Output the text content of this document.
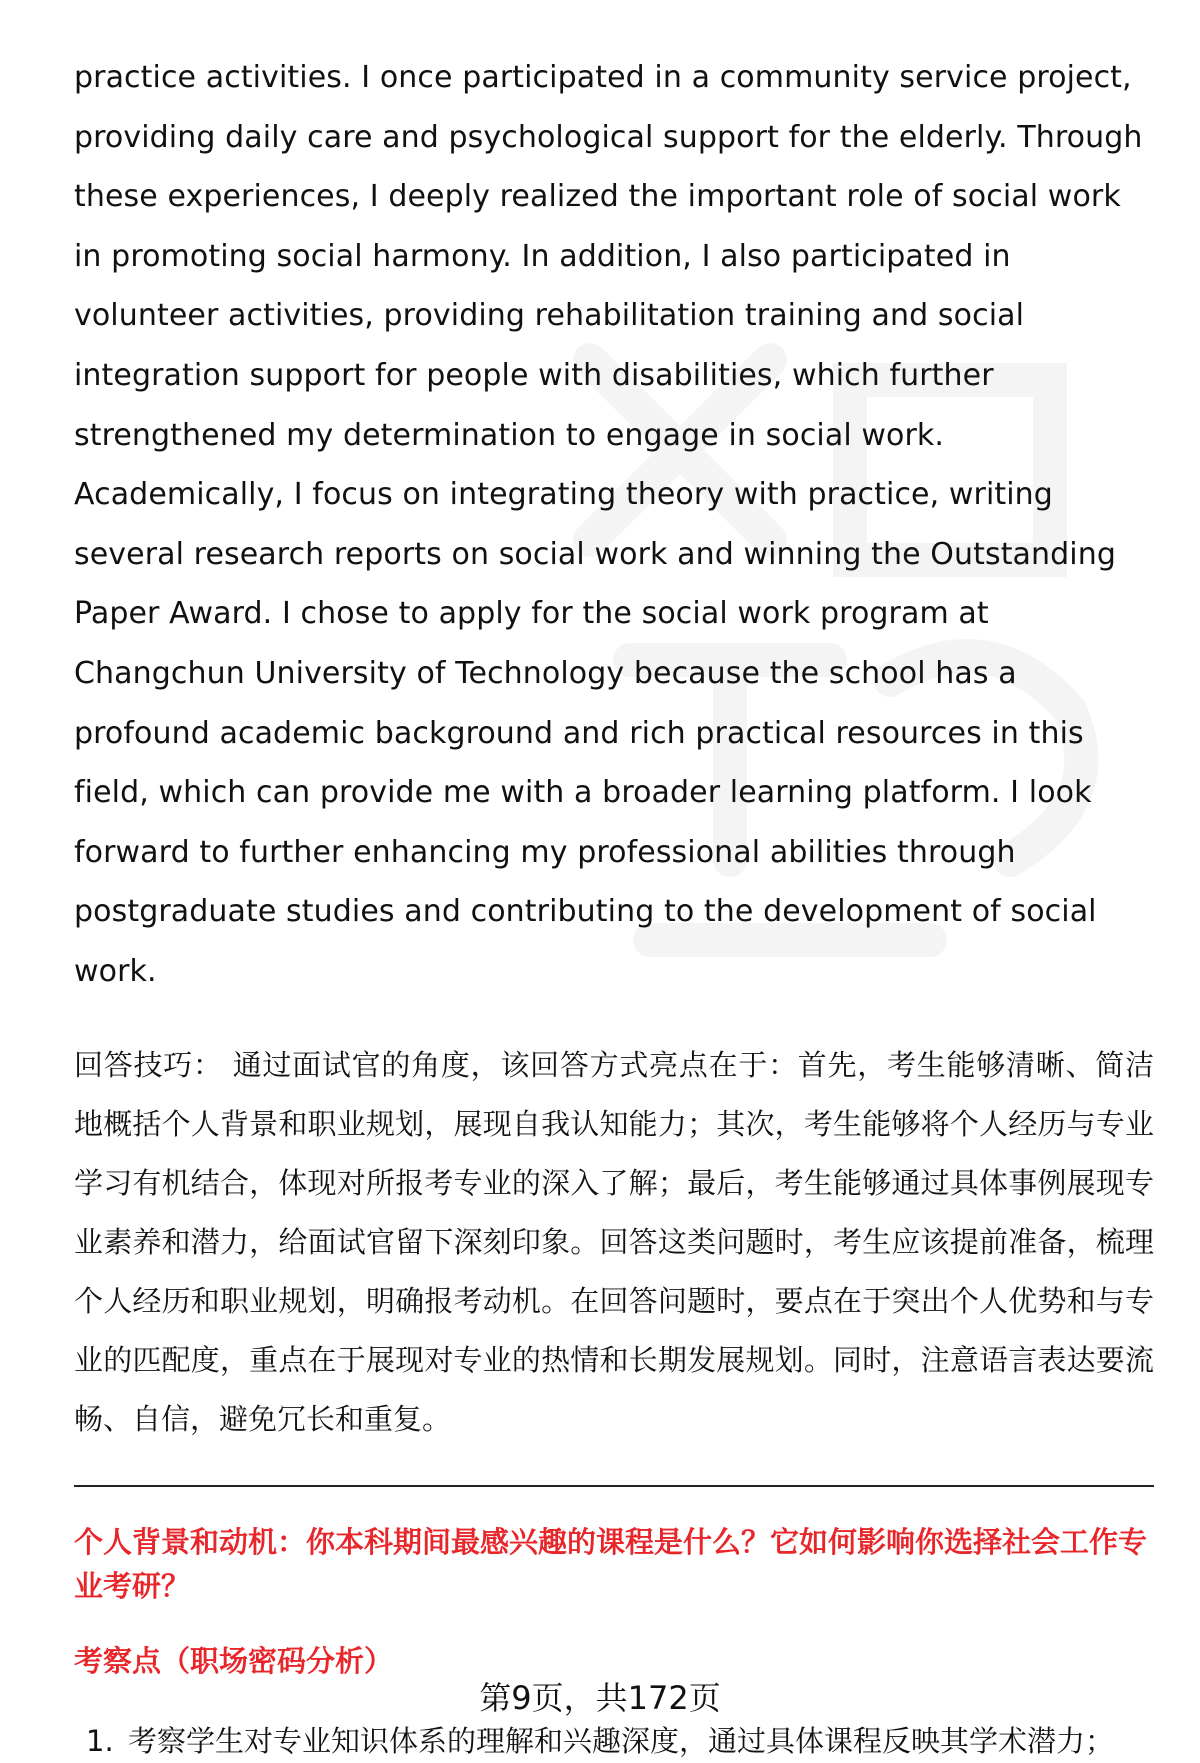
practice activities. I once participated in a community service project, providing daily care and psychological support for the elderly. Through these experiences, I deeply realized the important role of social work in promoting social harmony. In addition, I also participated in volunteer activities, providing rehabilitation training and social integration support for people with disabilities, which further strengthened my determination to engage in social work. Academically, I focus on integrating theory with practice, writing several research reports on social work and winning the Outstanding Paper Award. I chose to apply for the social work program at Changchun University of Technology because the school has a profound academic background and rich practical resources in this field, which can provide me with a broader learning platform. I look forward to further enhancing my professional abilities through postgraduate studies and contributing to the development of social work.

回答技巧： 通过面试官的角度，该回答方式亮点在于：首先，考生能够清晰、简洁地概括个人背景和职业规划，展现自我认知能力；其次，考生能够将个人经历与专业学习有机结合，体现对所报考专业的深入了解；最后，考生能够通过具体事例展现专业素养和潜力，给面试官留下深刻印象。回答这类问题时，考生应该提前准备，梳理个人经历和职业规划，明确报考动机。在回答问题时，要点在于突出个人优势和与专业的匹配度，重点在于展现对专业的热情和长期发展规划。同时，注意语言表达要流畅、自信，避免冗长和重复。

个人背景和动机：你本科期间最感兴趣的课程是什么？它如何影响你选择社会工作专业考研？
考察点（职场密码分析）
1. 考察学生对专业知识体系的理解和兴趣深度，通过具体课程反映其学术潜力；
第9页，共172页
